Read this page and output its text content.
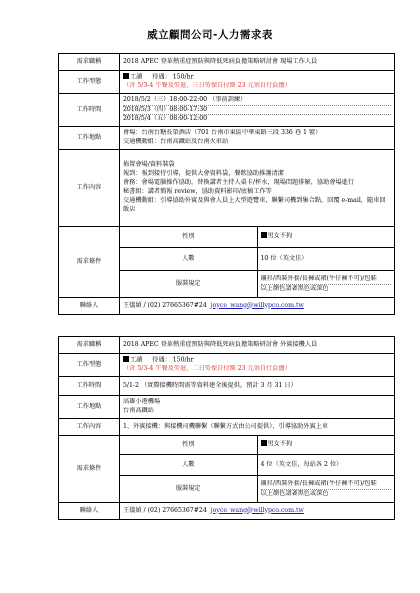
威立顧問公司-人力需求表
需求職稱	2018 APEC 登革熱重症預防與降低死病負擔策略研討會 現場工作人員	
工作型態	工讀 待遇： 150/hr
（含 5/3-4 午餐及勞退，三日勞保自付額 23 元須自行負擔）	

工作時間	2018/5/2（三）18:00-22:00 （事前訓練）
2018/5/3（四）08:00-17:30
2018/5/4（五）08:00-12:00	

工作地點	會場：台南台糖長榮酒店（701 台南市東區中華東路三段 336 巷 1 號）
交通機動組：台南高鐵站及台南火車站	

工作內容	佈置會場/資料裝袋
報到：報到接待引導，提供大會資料袋，餐飲協助推護清潔
會務：會場電腦操作協助，替換講者主持人桌卡/杯水，現場問題排解，協助會場進行
秘書組：講者簡報 review，協助資料影印/底稿工作等
交通機動組：引導協助外賓及與會人員上大型遊覽車，聯繫司機到集合點，回覆 e-mail，隨車回飯店	

需求條件	性別	男女不拘
	人數	10 位（英文佳）
	服裝規定	襯衫/西裝外套/長褲或裙(牛仔褲不可)/包鞋
以上顏色請著黑色或深色

聯絡人	王儀媜 / (02) 27665367#24 joyce_wang@willypco.com.tw	
需求職稱	2018 APEC 登革熱重症預防與降低死病負擔策略研討會 外賓接機人員	
工作型態	工讀 待遇： 150/hr
（含 5/3-4 午餐及勞退，二日勞保自付額 23 元須自行負擔）	

工作時間	5/1-2 （實際接機時間需等資料建全後提供，預計 3 月 31 日）	
工作地點	高雄小港機場
台南高鐵站	

工作內容	1、外賓接機：與接機司機聯繫（聯繫方式由公司提供），引導協助外賓上車	
需求條件	性別	男女不拘
	人數	4 位（英文佳，每站各 2 位）
	服裝規定	襯衫/西裝外套/長褲或裙(牛仔褲不可)/包鞋
以上顏色請著黑色或深色

聯絡人	王儀媜 / (02) 27665367#24 joyce_wang@willypco.com.tw	
